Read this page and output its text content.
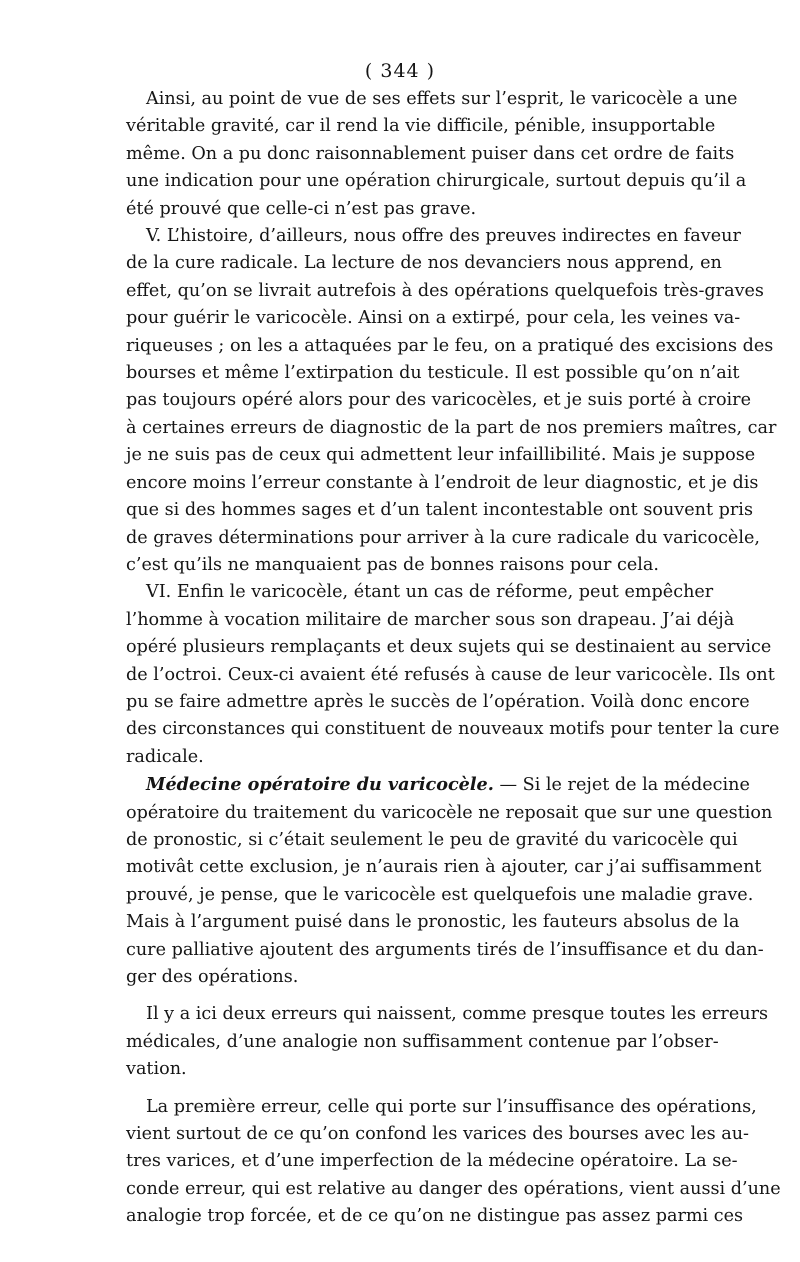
( 344 )
Ainsi, au point de vue de ses effets sur l’esprit, le varicocèle a une
véritable gravité, car il rend la vie difficile, pénible, insupportable
même. On a pu donc raisonnablement puiser dans cet ordre de faits
une indication pour une opération chirurgicale, surtout depuis qu’il a
été prouvé que celle-ci n’est pas grave.
V. L’histoire, d’ailleurs, nous offre des preuves indirectes en faveur
de la cure radicale. La lecture de nos devanciers nous apprend, en
effet, qu’on se livrait autrefois à des opérations quelquefois très-graves
pour guérir le varicocèle. Ainsi on a extirpé, pour cela, les veines va-
riqueuses ; on les a attaquées par le feu, on a pratiqué des excisions des
bourses et même l’extirpation du testicule. Il est possible qu’on n’ait
pas toujours opéré alors pour des varicocèles, et je suis porté à croire
à certaines erreurs de diagnostic de la part de nos premiers maîtres, car
je ne suis pas de ceux qui admettent leur infaillibilité. Mais je suppose
encore moins l’erreur constante à l’endroit de leur diagnostic, et je dis
que si des hommes sages et d’un talent incontestable ont souvent pris
de graves déterminations pour arriver à la cure radicale du varicocèle,
c’est qu’ils ne manquaient pas de bonnes raisons pour cela.
VI. Enfin le varicocèle, étant un cas de réforme, peut empêcher
l’homme à vocation militaire de marcher sous son drapeau. J’ai déjà
opéré plusieurs remplaçants et deux sujets qui se destinaient au service
de l’octroi. Ceux-ci avaient été refusés à cause de leur varicocèle. Ils ont
pu se faire admettre après le succès de l’opération. Voilà donc encore
des circonstances qui constituent de nouveaux motifs pour tenter la cure
radicale.
Médecine opératoire du varicocèle. — Si le rejet de la médecine
opératoire du traitement du varicocèle ne reposait que sur une question
de pronostic, si c’était seulement le peu de gravité du varicocèle qui
motivât cette exclusion, je n’aurais rien à ajouter, car j’ai suffisamment
prouvé, je pense, que le varicocèle est quelquefois une maladie grave.
Mais à l’argument puisé dans le pronostic, les fauteurs absolus de la
cure palliative ajoutent des arguments tirés de l’insuffisance et du dan-
ger des opérations.
Il y a ici deux erreurs qui naissent, comme presque toutes les erreurs
médicales, d’une analogie non suffisamment contenue par l’obser-
vation.
La première erreur, celle qui porte sur l’insuffisance des opérations,
vient surtout de ce qu’on confond les varices des bourses avec les au-
tres varices, et d’une imperfection de la médecine opératoire. La se-
conde erreur, qui est relative au danger des opérations, vient aussi d’une
analogie trop forcée, et de ce qu’on ne distingue pas assez parmi ces
